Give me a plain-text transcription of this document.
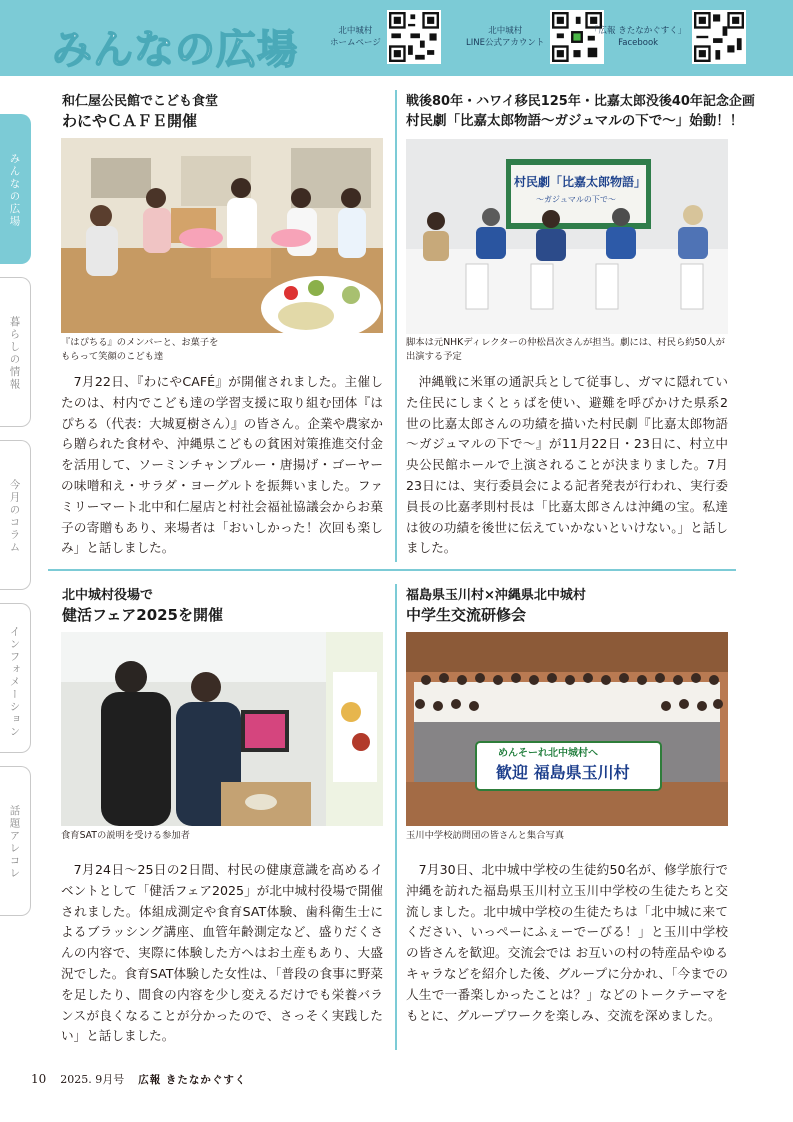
みんなの広場	北中城村
ホームページ
北中城村
LINE公式アカウント
「広報 きたなかぐすく」
Facebook
みんなの広場
暮らしの情報
今月のコラム
インフォメーション
話題アレコレ
和仁屋公民館でこども食堂
わにやＣＡＦＥ開催
『はぴちる』のメンバーと、お菓子を
もらって笑顔のこども達
7月22日、『わにやCAFÉ』が開催されました。主催したのは、村内でこども達の学習支援に取り組む団体『はぴちる（代表：大城夏樹さん）』の皆さん。企業や農家から贈られた食材や、沖縄県こどもの貧困対策推進交付金を活用して、ソーミンチャンプルー・唐揚げ・ゴーヤーの味噌和え・サラダ・ヨーグルトを振舞いました。ファミリーマート北中和仁屋店と村社会福祉協議会からお菓子の寄贈もあり、来場者は「おいしかった！次回も楽しみ」と話しました。
戦後80年・ハワイ移民125年・比嘉太郎没後40年記念企画
村民劇「比嘉太郎物語～ガジュマルの下で～」始動！！
村民劇「比嘉太郎物語」
～ガジュマルの下で～
脚本は元NHKディレクターの仲松昌次さんが担当。劇には、村民ら約50人が出演する予定
沖縄戦に米軍の通訳兵として従事し、ガマに隠れていた住民にしまくとぅばを使い、避難を呼びかけた県系2世の比嘉太郎さんの功績を描いた村民劇『比嘉太郎物語～ガジュマルの下で～』が11月22日・23日に、村立中央公民館ホールで上演されることが決まりました。7月23日には、実行委員会による記者発表が行われ、実行委員長の比嘉孝則村長は「比嘉太郎さんは沖縄の宝。私達は彼の功績を後世に伝えていかないといけない。」と話しました。
北中城村役場で
健活フェア2025を開催
食育SATの説明を受ける参加者
7月24日～25日の2日間、村民の健康意識を高めるイベントとして「健活フェア2025」が北中城村役場で開催されました。体組成測定や食育SAT体験、歯科衛生士によるブラッシング講座、血管年齢測定など、盛りだくさんの内容で、実際に体験した方へはお土産もあり、大盛況でした。食育SAT体験した女性は、「普段の食事に野菜を足したり、間食の内容を少し変えるだけでも栄養バランスが良くなることが分かったので、さっそく実践したい」と話しました。
福島県玉川村×沖縄県北中城村
中学生交流研修会
めんそーれ北中城村へ
歓迎 福島県玉川村
玉川中学校訪問団の皆さんと集合写真
7月30日、北中城中学校の生徒約50名が、修学旅行で沖縄を訪れた福島県玉川村立玉川中学校の生徒たちと交流しました。北中城中学校の生徒たちは「北中城に来てください、いっぺーにふぇーでーびる！」と玉川中学校の皆さんを歓迎。交流会では お互いの村の特産品やゆるキャラなどを紹介した後、グループに分かれ、「今までの人生で一番楽しかったことは？」などのトークテーマをもとに、グループワークを楽しみ、交流を深めました。
10 2025. 9月号 広報 きたなかぐすく
